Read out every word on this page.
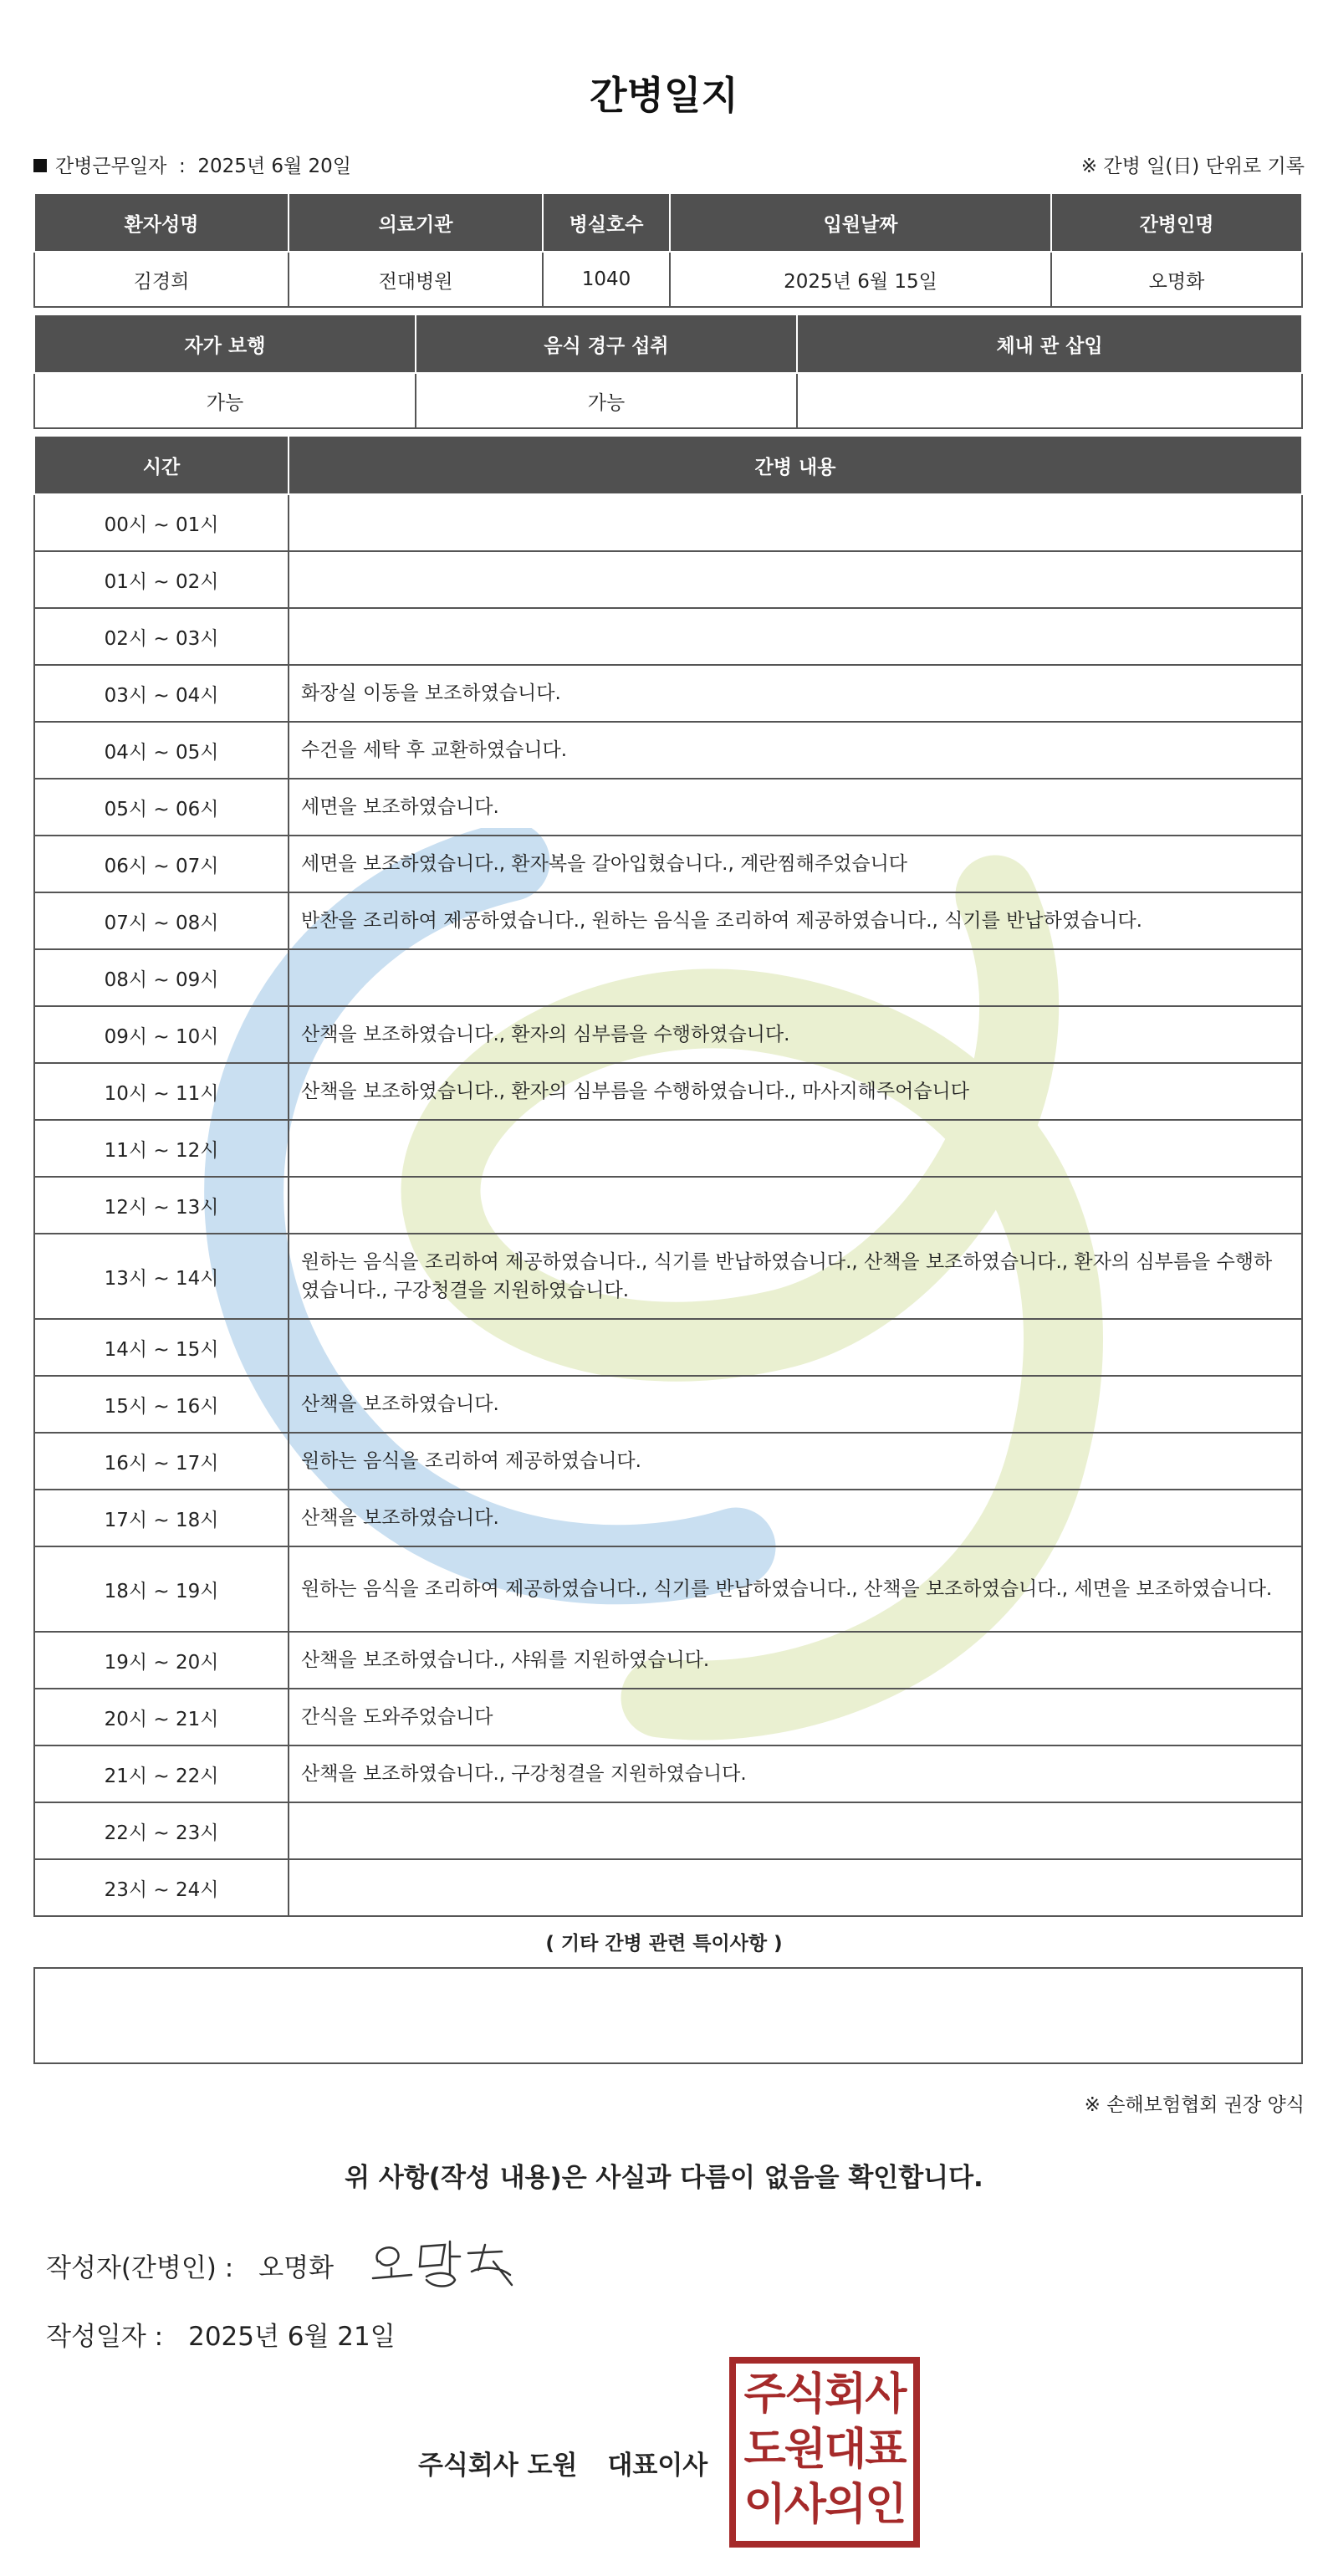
간병일지
간병근무일자 : 2025년 6월 20일	※ 간병 일(日) 단위로 기록
환자성명	의료기관	병실호수	입원날짜	간병인명
김경희	전대병원	1040	2025년 6월 15일	오명화
자가 보행	음식 경구 섭취	체내 관 삽입
가능	가능	
시간	간병 내용
00시 ~ 01시	
01시 ~ 02시	
02시 ~ 03시	
03시 ~ 04시	화장실 이동을 보조하였습니다.
04시 ~ 05시	수건을 세탁 후 교환하였습니다.
05시 ~ 06시	세면을 보조하였습니다.
06시 ~ 07시	세면을 보조하였습니다., 환자복을 갈아입혔습니다., 계란찜해주었습니다
07시 ~ 08시	반찬을 조리하여 제공하였습니다., 원하는 음식을 조리하여 제공하였습니다., 식기를 반납하였습니다.
08시 ~ 09시	
09시 ~ 10시	산책을 보조하였습니다., 환자의 심부름을 수행하였습니다.
10시 ~ 11시	산책을 보조하였습니다., 환자의 심부름을 수행하였습니다., 마사지해주어습니다
11시 ~ 12시	
12시 ~ 13시	
13시 ~ 14시	원하는 음식을 조리하여 제공하였습니다., 식기를 반납하였습니다., 산책을 보조하였습니다., 환자의 심부름을 수행하였습니다., 구강청결을 지원하였습니다.
14시 ~ 15시	
15시 ~ 16시	산책을 보조하였습니다.
16시 ~ 17시	원하는 음식을 조리하여 제공하였습니다.
17시 ~ 18시	산책을 보조하였습니다.
18시 ~ 19시	원하는 음식을 조리하여 제공하였습니다., 식기를 반납하였습니다., 산책을 보조하였습니다., 세면을 보조하였습니다.
19시 ~ 20시	산책을 보조하였습니다., 샤워를 지원하였습니다.
20시 ~ 21시	간식을 도와주었습니다
21시 ~ 22시	산책을 보조하였습니다., 구강청결을 지원하였습니다.
22시 ~ 23시	
23시 ~ 24시	
( 기타 간병 관련 특이사항 )
※ 손해보험협회 권장 양식
위 사항(작성 내용)은 사실과 다름이 없음을 확인합니다.
작성자(간병인) : 오명화
작성일자 : 2025년 6월 21일
주식회사 도원 대표이사
주식회사
도원대표
이사의인
